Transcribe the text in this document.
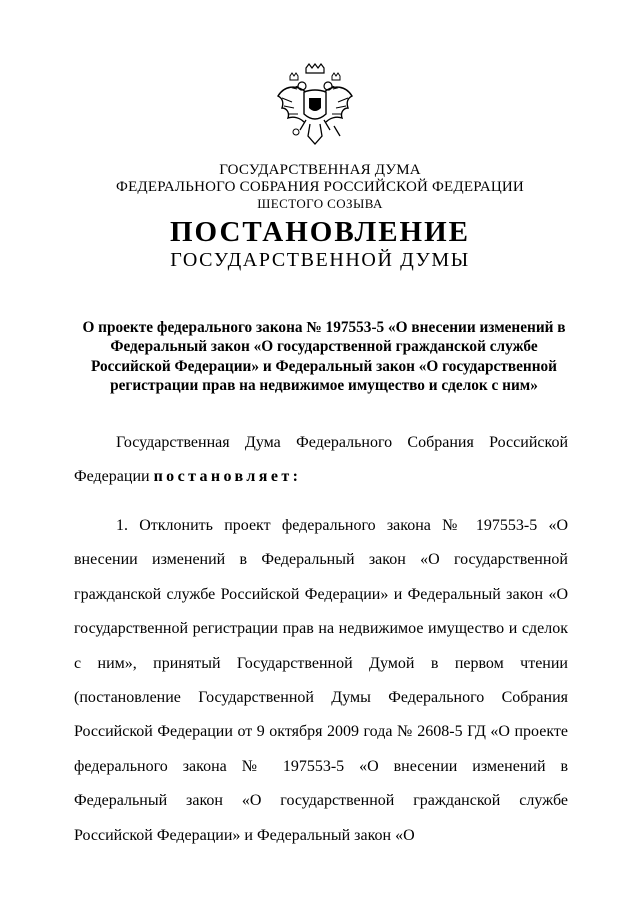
ГОСУДАРСТВЕННАЯ ДУМА
ФЕДЕРАЛЬНОГО СОБРАНИЯ РОССИЙСКОЙ ФЕДЕРАЦИИ
ШЕСТОГО СОЗЫВА
ПОСТАНОВЛЕНИЕ
ГОСУДАРСТВЕННОЙ ДУМЫ
О проекте федерального закона № 197553-5 «О внесении изменений в Федеральный закон «О государственной гражданской службе Российской Федерации» и Федеральный закон «О государственной регистрации прав на недвижимое имущество и сделок с ним»
Государственная Дума Федерального Собрания Российской Федерации постановляет:
1. Отклонить проект федерального закона № 197553-5 «О внесении изменений в Федеральный закон «О государственной гражданской службе Российской Федерации» и Федеральный закон «О государственной регистрации прав на недвижимое имущество и сделок с ним», принятый Государственной Думой в первом чтении (постановление Государственной Думы Федерального Собрания Российской Федерации от 9 октября 2009 года № 2608-5 ГД «О проекте федерального закона № 197553-5 «О внесении изменений в Федеральный закон «О государственной гражданской службе Российской Федерации» и Федеральный закон «О
